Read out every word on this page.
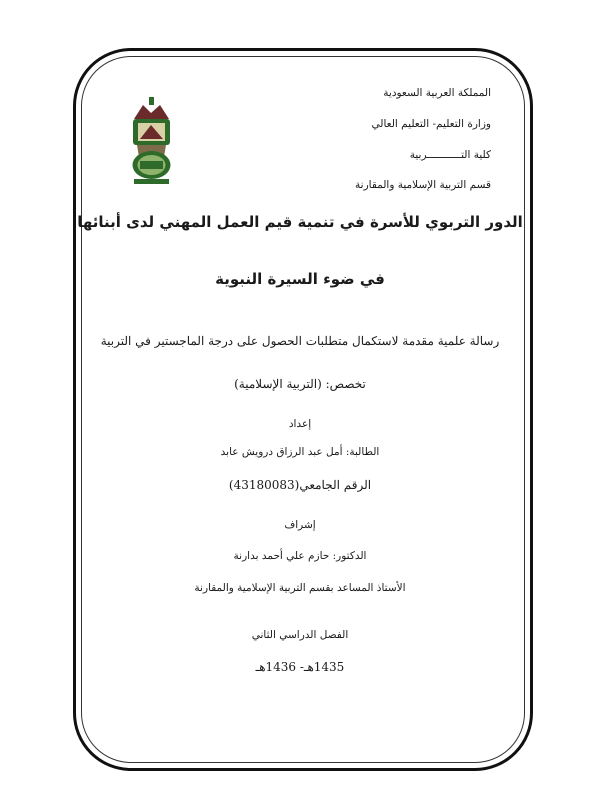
المملكة العربية السعودية
وزارة التعليم- التعليم العالي
كلية التـــــــــــربية
قسم التربية الإسلامية والمقارنة
الدور التربوي للأسرة في تنمية قيم العمل المهني لدى أبنائها
في ضوء السيرة النبوية
رسالة علمية مقدمة لاستكمال متطلبات الحصول على درجة الماجستير في التربية
تخصص: (التربية الإسلامية)
إعداد
الطالبة: أمل عبد الرزاق درويش عابد
الرقم الجامعي(43180083)
إشراف
الدكتور: حازم علي أحمد بدارنة
الأستاذ المساعد بقسم التربية الإسلامية والمقارنة
الفصل الدراسي الثاني
1435هـ- 1436هـ
